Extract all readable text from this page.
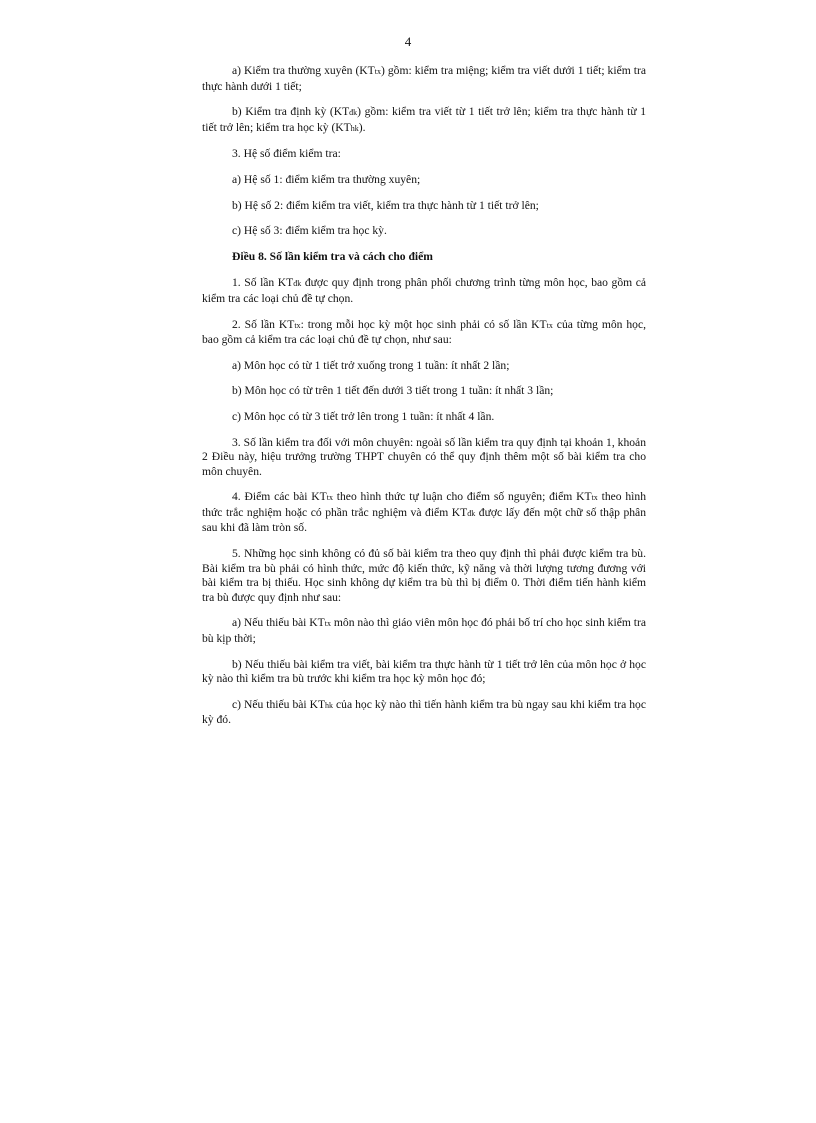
4

a) Kiểm tra thường xuyên (KTtx) gồm: kiểm tra miệng; kiểm tra viết dưới 1 tiết; kiểm tra thực hành dưới 1 tiết;

b) Kiểm tra định kỳ (KTđk) gồm: kiểm tra viết từ 1 tiết trở lên; kiểm tra thực hành từ 1 tiết trở lên; kiểm tra học kỳ (KThk).

3. Hệ số điểm kiểm tra:

a) Hệ số 1: điểm kiểm tra thường xuyên;

b) Hệ số 2: điểm kiểm tra viết, kiểm tra thực hành từ 1 tiết trở lên;

c) Hệ số 3: điểm kiểm tra học kỳ.

Điều 8. Số lần kiểm tra và cách cho điểm

1. Số lần KTđk được quy định trong phân phối chương trình từng môn học, bao gồm cả kiểm tra các loại chủ đề tự chọn.

2. Số lần KTtx: trong mỗi học kỳ một học sinh phải có số lần KTtx của từng môn học, bao gồm cả kiểm tra các loại chủ đề tự chọn, như sau:

a) Môn học có từ 1 tiết trở xuống trong 1 tuần: ít nhất 2 lần;

b) Môn học có từ trên 1 tiết đến dưới 3 tiết trong 1 tuần: ít nhất 3 lần;

c) Môn học có từ 3 tiết trở lên trong 1 tuần: ít nhất 4 lần.

3. Số lần kiểm tra đối với môn chuyên: ngoài số lần kiểm tra quy định tại khoản 1, khoản 2 Điều này, hiệu trưởng trường THPT chuyên có thể quy định thêm một số bài kiểm tra cho môn chuyên.

4. Điểm các bài KTtx theo hình thức tự luận cho điểm số nguyên; điểm KTtx theo hình thức trắc nghiệm hoặc có phần trắc nghiệm và điểm KTđk được lấy đến một chữ số thập phân sau khi đã làm tròn số.

5. Những học sinh không có đủ số bài kiểm tra theo quy định thì phải được kiểm tra bù. Bài kiểm tra bù phải có hình thức, mức độ kiến thức, kỹ năng và thời lượng tương đương với bài kiểm tra bị thiếu. Học sinh không dự kiểm tra bù thì bị điểm 0. Thời điểm tiến hành kiểm tra bù được quy định như sau:

a) Nếu thiếu bài KTtx môn nào thì giáo viên môn học đó phải bố trí cho học sinh kiểm tra bù kịp thời;

b) Nếu thiếu bài kiểm tra viết, bài kiểm tra thực hành từ 1 tiết trở lên của môn học ở học kỳ nào thì kiểm tra bù trước khi kiểm tra học kỳ môn học đó;

c) Nếu thiếu bài KThk của học kỳ nào thì tiến hành kiểm tra bù ngay sau khi kiểm tra học kỳ đó.
